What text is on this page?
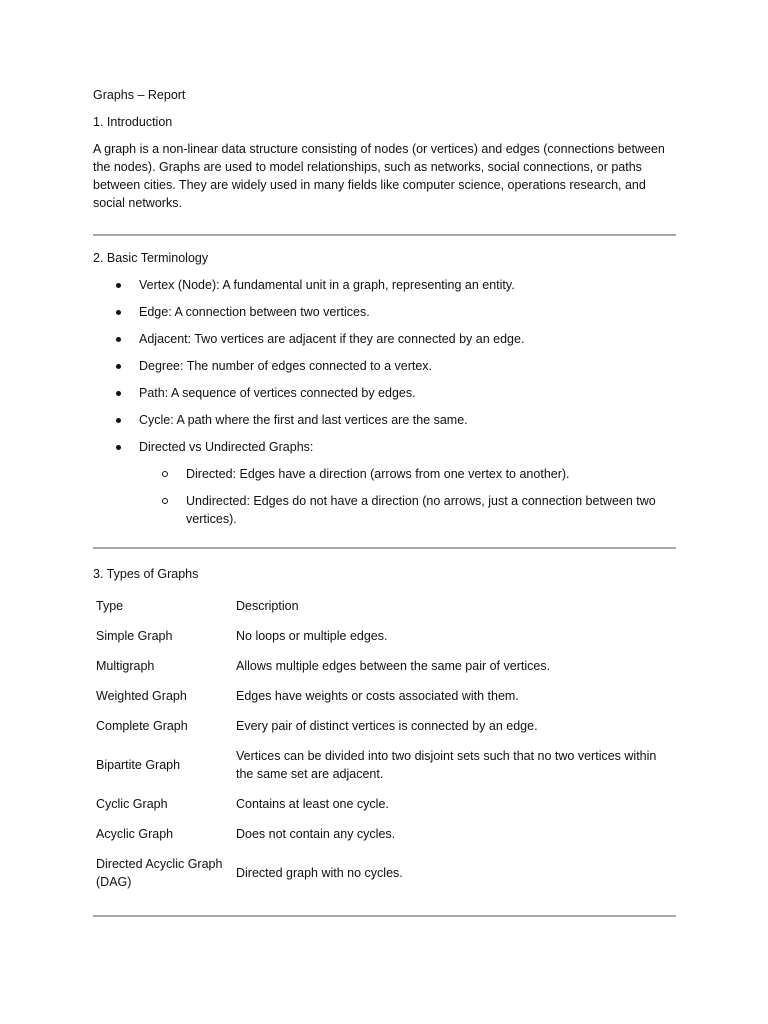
Graphs – Report

1. Introduction

A graph is a non-linear data structure consisting of nodes (or vertices) and edges (connections between the nodes). Graphs are used to model relationships, such as networks, social connections, or paths between cities. They are widely used in many fields like computer science, operations research, and social networks.

2. Basic Terminology

Vertex (Node): A fundamental unit in a graph, representing an entity.
Edge: A connection between two vertices.
Adjacent: Two vertices are adjacent if they are connected by an edge.
Degree: The number of edges connected to a vertex.
Path: A sequence of vertices connected by edges.
Cycle: A path where the first and last vertices are the same.
Directed vs Undirected Graphs:
Directed: Edges have a direction (arrows from one vertex to another).
Undirected: Edges do not have a direction (no arrows, just a connection between two vertices).

3. Types of Graphs

Type	Description
Simple Graph	No loops or multiple edges.
Multigraph	Allows multiple edges between the same pair of vertices.
Weighted Graph	Edges have weights or costs associated with them.
Complete Graph	Every pair of distinct vertices is connected by an edge.
Bipartite Graph	Vertices can be divided into two disjoint sets such that no two vertices within the same set are adjacent.
Cyclic Graph	Contains at least one cycle.
Acyclic Graph	Does not contain any cycles.
Directed Acyclic Graph (DAG)	Directed graph with no cycles.
